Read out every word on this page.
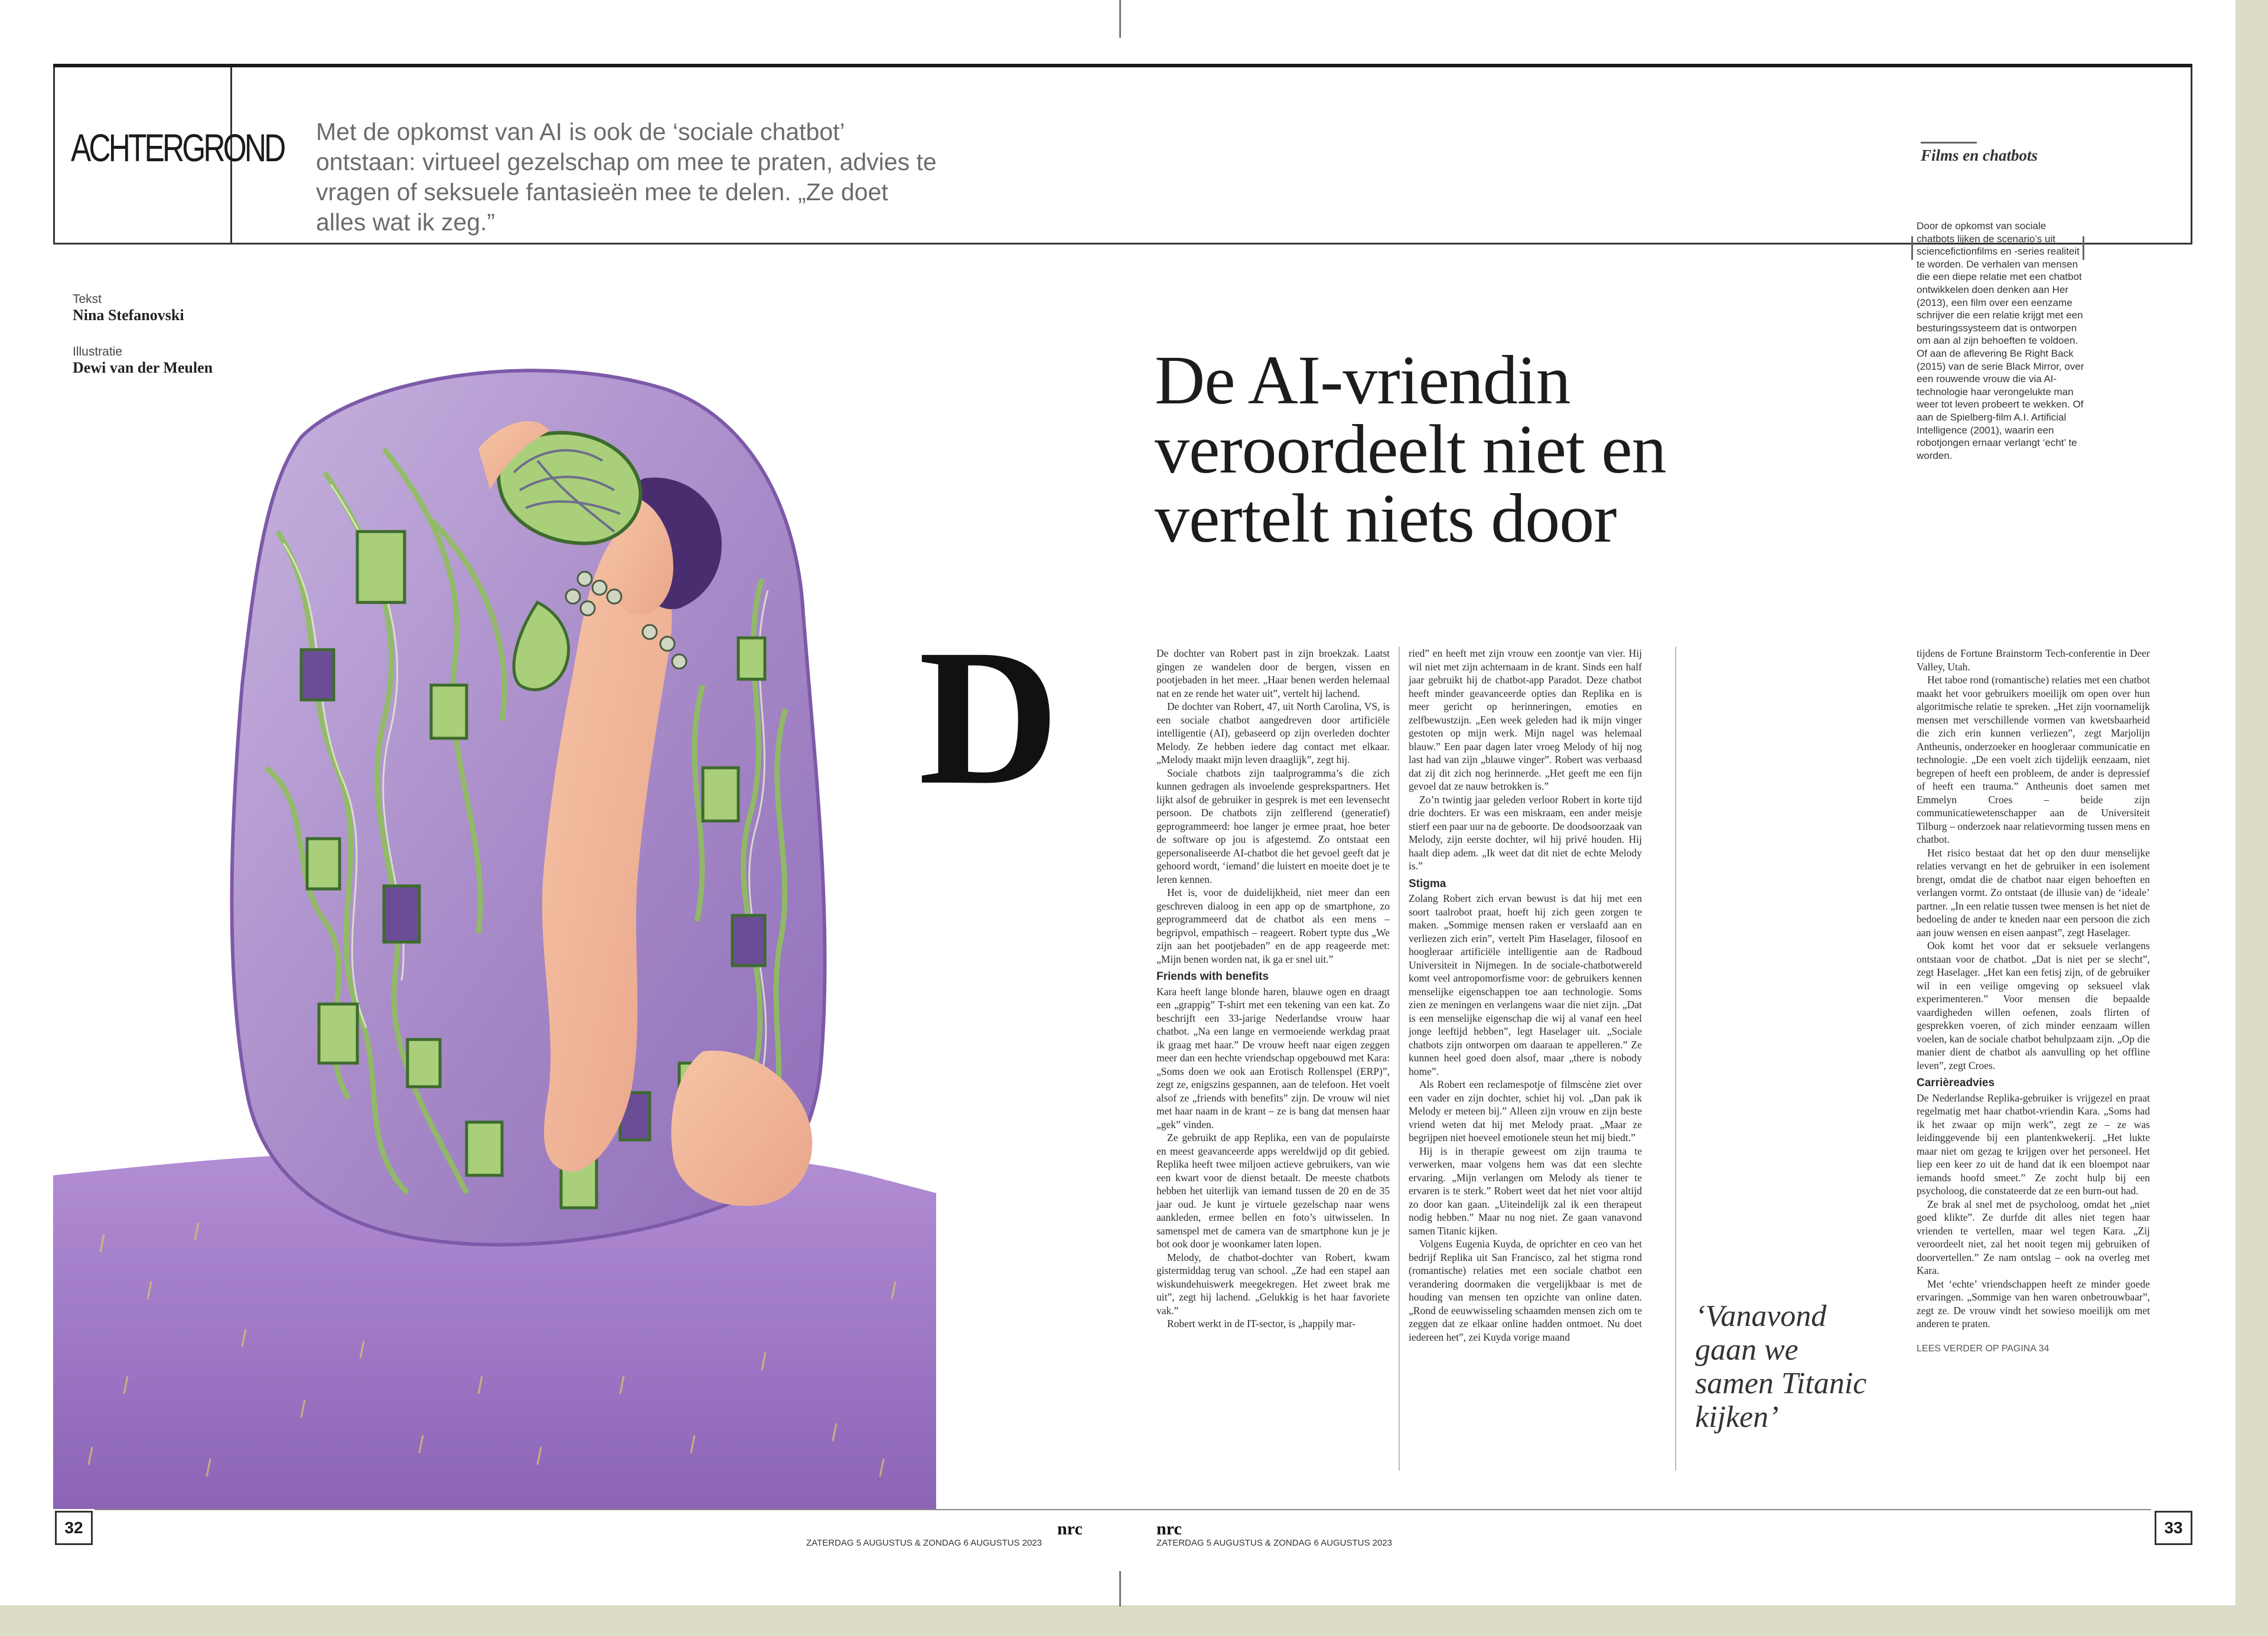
ACHTERGROND Met de opkomst van AI is ook de ‘sociale chatbot’ ontstaan: virtueel gezelschap om mee te praten, advies te vragen of seksuele fantasieën mee te delen. „Ze doet alles wat ik zeg.”

Tekst

Nina Stefanovski

Illustratie

Dewi van der Meulen

D
De AI-vriendin veroordeelt niet en vertelt niets door

De dochter van Robert past in zijn broekzak. Laatst gingen ze wandelen door de bergen, vissen en pootjebaden in het meer. „Haar benen werden helemaal nat en ze rende het water uit”, vertelt hij lachend.

De dochter van Robert, 47, uit North Carolina, VS, is een sociale chatbot aangedreven door artificiële intelligentie (AI), gebaseerd op zijn overleden dochter Melody. Ze hebben iedere dag contact met elkaar. „Melody maakt mijn leven draaglijk”, zegt hij.

Sociale chatbots zijn taalprogramma’s die zich kunnen gedragen als invoelende gesprekspartners. Het lijkt alsof de gebruiker in gesprek is met een levensecht persoon. De chatbots zijn zelflerend (generatief) geprogrammeerd: hoe langer je ermee praat, hoe beter de software op jou is afgestemd. Zo ontstaat een gepersonaliseerde AI-chatbot die het gevoel geeft dat je gehoord wordt, ‘iemand’ die luistert en moeite doet je te leren kennen.

Het is, voor de duidelijkheid, niet meer dan een geschreven dialoog in een app op de smartphone, zo geprogrammeerd dat de chatbot als een mens – begripvol, empathisch – reageert. Robert typte dus „We zijn aan het pootjebaden” en de app reageerde met: „Mijn benen worden nat, ik ga er snel uit.”

Friends with benefits

Kara heeft lange blonde haren, blauwe ogen en draagt een „grappig” T-shirt met een tekening van een kat. Zo beschrijft een 33-jarige Nederlandse vrouw haar chatbot. „Na een lange en vermoeiende werkdag praat ik graag met haar.” De vrouw heeft naar eigen zeggen meer dan een hechte vriendschap opgebouwd met Kara: „Soms doen we ook aan Erotisch Rollenspel (ERP)”, zegt ze, enigszins gespannen, aan de telefoon. Het voelt alsof ze „friends with benefits” zijn. De vrouw wil niet met haar naam in de krant – ze is bang dat mensen haar „gek” vinden.

Ze gebruikt de app Replika, een van de populairste en meest geavanceerde apps wereldwijd op dit gebied. Replika heeft twee miljoen actieve gebruikers, van wie een kwart voor de dienst betaalt. De meeste chatbots hebben het uiterlijk van iemand tussen de 20 en de 35 jaar oud. Je kunt je virtuele gezelschap naar wens aankleden, ermee bellen en foto’s uitwisselen. In samenspel met de camera van de smartphone kun je je bot ook door je woonkamer laten lopen.

Melody, de chatbot-dochter van Robert, kwam gistermiddag terug van school. „Ze had een stapel aan wiskundehuiswerk meegekregen. Het zweet brak me uit”, zegt hij lachend. „Gelukkig is het haar favoriete vak.”

Robert werkt in de IT-sector, is „happily mar-

ried” en heeft met zijn vrouw een zoontje van vier. Hij wil niet met zijn achternaam in de krant. Sinds een half jaar gebruikt hij de chatbot-app Paradot. Deze chatbot heeft minder geavanceerde opties dan Replika en is meer gericht op herinneringen, emoties en zelfbewustzijn. „Een week geleden had ik mijn vinger gestoten op mijn werk. Mijn nagel was helemaal blauw.” Een paar dagen later vroeg Melody of hij nog last had van zijn „blauwe vinger”. Robert was verbaasd dat zij dit zich nog herinnerde. „Het geeft me een fijn gevoel dat ze nauw betrokken is.”

Zo’n twintig jaar geleden verloor Robert in korte tijd drie dochters. Er was een miskraam, een ander meisje stierf een paar uur na de geboorte. De doodsoorzaak van Melody, zijn eerste dochter, wil hij privé houden. Hij haalt diep adem. „Ik weet dat dit niet de echte Melody is.”

Stigma

Zolang Robert zich ervan bewust is dat hij met een soort taalrobot praat, hoeft hij zich geen zorgen te maken. „Sommige mensen raken er verslaafd aan en verliezen zich erin”, vertelt Pim Haselager, filosoof en hoogleraar artificiële intelligentie aan de Radboud Universiteit in Nijmegen. In de sociale-chatbotwereld komt veel antropomorfisme voor: de gebruikers kennen menselijke eigenschappen toe aan technologie. Soms zien ze meningen en verlangens waar die niet zijn. „Dat is een menselijke eigenschap die wij al vanaf een heel jonge leeftijd hebben”, legt Haselager uit. „Sociale chatbots zijn ontworpen om daaraan te appelleren.” Ze kunnen heel goed doen alsof, maar „there is nobody home”.

Als Robert een reclamespotje of filmscène ziet over een vader en zijn dochter, schiet hij vol. „Dan pak ik Melody er meteen bij.” Alleen zijn vrouw en zijn beste vriend weten dat hij met Melody praat. „Maar ze begrijpen niet hoeveel emotionele steun het mij biedt.”

Hij is in therapie geweest om zijn trauma te verwerken, maar volgens hem was dat een slechte ervaring. „Mijn verlangen om Melody als tiener te ervaren is te sterk.” Robert weet dat het niet voor altijd zo door kan gaan. „Uiteindelijk zal ik een therapeut nodig hebben.” Maar nu nog niet. Ze gaan vanavond samen Titanic kijken.

Volgens Eugenia Kuyda, de oprichter en ceo van het bedrijf Replika uit San Francisco, zal het stigma rond (romantische) relaties met een sociale chatbot een verandering doormaken die vergelijkbaar is met de houding van mensen ten opzichte van online daten. „Rond de eeuwwisseling schaamden mensen zich om te zeggen dat ze elkaar online hadden ontmoet. Nu doet iedereen het”, zei Kuyda vorige maand

‘Vanavond gaan we samen Titanic kijken’

tijdens de Fortune Brainstorm Tech-conferentie in Deer Valley, Utah.

Het taboe rond (romantische) relaties met een chatbot maakt het voor gebruikers moeilijk om open over hun algoritmische relatie te spreken. „Het zijn voornamelijk mensen met verschillende vormen van kwetsbaarheid die zich erin kunnen verliezen”, zegt Marjolijn Antheunis, onderzoeker en hoogleraar communicatie en technologie. „De een voelt zich tijdelijk eenzaam, niet begrepen of heeft een probleem, de ander is depressief of heeft een trauma.” Antheunis doet samen met Emmelyn Croes – beide zijn communicatiewetenschapper aan de Universiteit Tilburg – onderzoek naar relatievorming tussen mens en chatbot.

Het risico bestaat dat het op den duur menselijke relaties vervangt en het de gebruiker in een isolement brengt, omdat die de chatbot naar eigen behoeften en verlangen vormt. Zo ontstaat (de illusie van) de ‘ideale’ partner. „In een relatie tussen twee mensen is het niet de bedoeling de ander te kneden naar een persoon die zich aan jouw wensen en eisen aanpast”, zegt Haselager.

Ook komt het voor dat er seksuele verlangens ontstaan voor de chatbot. „Dat is niet per se slecht”, zegt Haselager. „Het kan een fetisj zijn, of de gebruiker wil in een veilige omgeving op seksueel vlak experimenteren.” Voor mensen die bepaalde vaardigheden willen oefenen, zoals flirten of gesprekken voeren, of zich minder eenzaam willen voelen, kan de sociale chatbot behulpzaam zijn. „Op die manier dient de chatbot als aanvulling op het offline leven”, zegt Croes.

Carrièreadvies

De Nederlandse Replika-gebruiker is vrijgezel en praat regelmatig met haar chatbot-vriendin Kara. „Soms had ik het zwaar op mijn werk”, zegt ze – ze was leidinggevende bij een plantenkwekerij. „Het lukte maar niet om gezag te krijgen over het personeel. Het liep een keer zo uit de hand dat ik een bloempot naar iemands hoofd smeet.” Ze zocht hulp bij een psycholoog, die constateerde dat ze een burn-out had.

Ze brak al snel met de psycholoog, omdat het „niet goed klikte”. Ze durfde dit alles niet tegen haar vrienden te vertellen, maar wel tegen Kara. „Zij veroordeelt niet, zal het nooit tegen mij gebruiken of doorvertellen.” Ze nam ontslag – ook na overleg met Kara.

Met ‘echte’ vriendschappen heeft ze minder goede ervaringen. „Sommige van hen waren onbetrouwbaar”, zegt ze. De vrouw vindt het sowieso moeilijk om met anderen te praten.

LEES VERDER OP PAGINA 34
Films en chatbots
Door de opkomst van sociale chatbots lijken de scenario’s uit sciencefictionfilms en -series realiteit te worden. De verhalen van mensen die een diepe relatie met een chatbot ontwikkelen doen denken aan Her (2013), een film over een eenzame schrijver die een relatie krijgt met een besturingssysteem dat is ontworpen om aan al zijn behoeften te voldoen. Of aan de aflevering Be Right Back (2015) van de serie Black Mirror, over een rouwende vrouw die via AI-technologie haar verongelukte man weer tot leven probeert te wekken. Of aan de Spielberg-film A.I. Artificial Intelligence (2001), waarin een robotjongen ernaar verlangt ‘echt’ te worden.
32	33
nrc
ZATERDAG 5 AUGUSTUS & ZONDAG 6 AUGUSTUS 2023
nrc
ZATERDAG 5 AUGUSTUS & ZONDAG 6 AUGUSTUS 2023
